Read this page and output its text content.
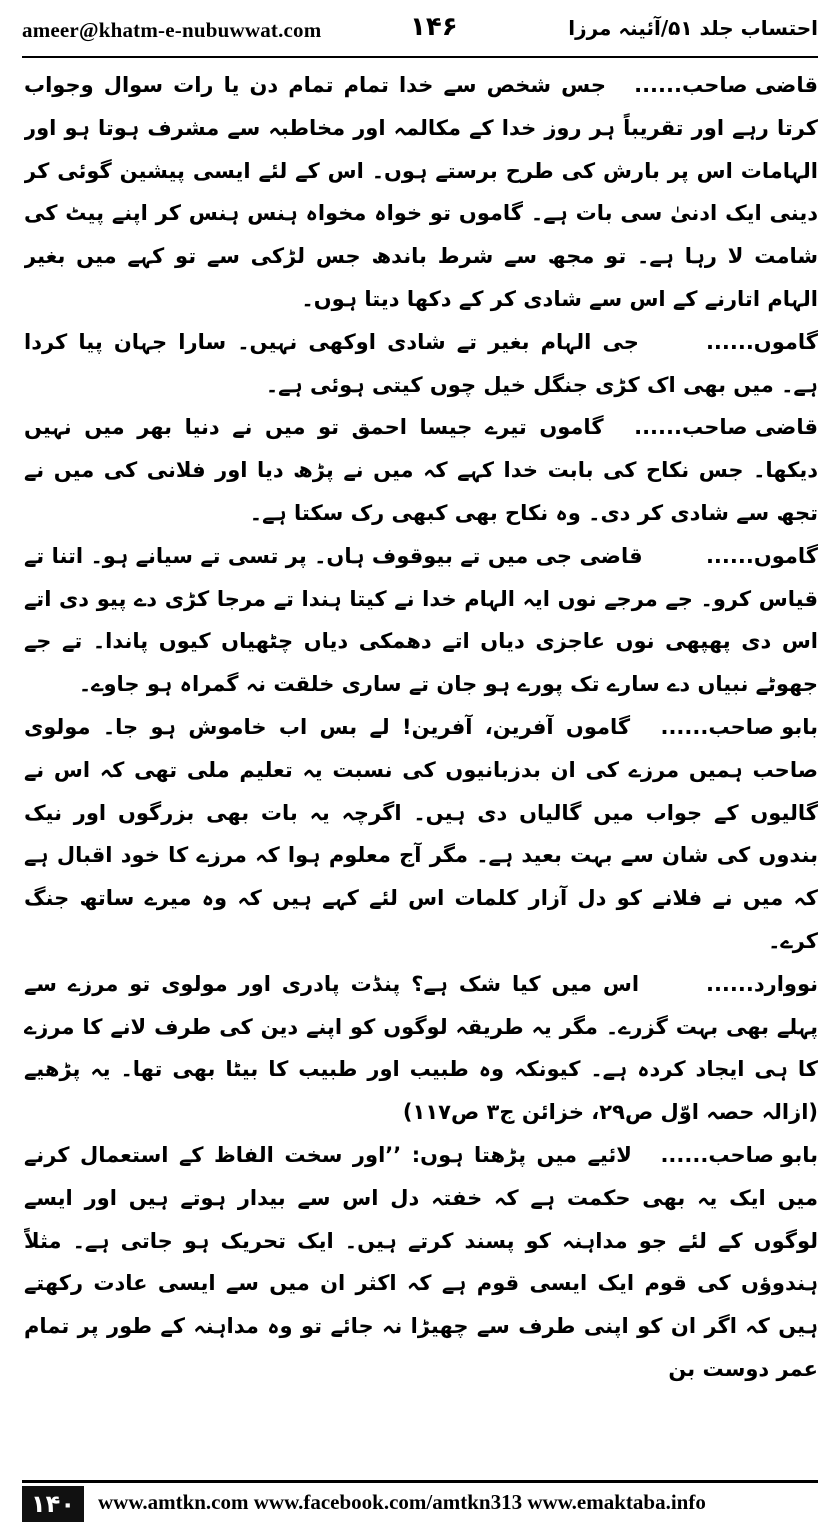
ameer@khatm-e-nubuwwat.com	۱۴۶	احتساب جلد ۵۱/آئینہ مرزا

قاضی صاحب...... جس شخص سے خدا تمام تمام دن یا رات سوال وجواب کرتا رہے اور تقریباً ہر روز خدا کے مکالمہ اور مخاطبہ سے مشرف ہوتا ہو اور الہامات اس پر بارش کی طرح برستے ہوں۔ اس کے لئے ایسی پیشین گوئی کر دینی ایک ادنیٰ سی بات ہے۔ گاموں تو خواہ مخواہ ہنس ہنس کر اپنے پیٹ کی شامت لا رہا ہے۔ تو مجھ سے شرط باندھ جس لڑکی سے تو کہے میں بغیر الہام اتارنے کے اس سے شادی کر کے دکھا دیتا ہوں۔

گاموں...... جی الہام بغیر تے شادی اوکھی نہیں۔ سارا جہان پیا کردا ہے۔ میں بھی اک کڑی جنگل خیل چوں کیتی ہوئی ہے۔

قاضی صاحب...... گاموں تیرے جیسا احمق تو میں نے دنیا بھر میں نہیں دیکھا۔ جس نکاح کی بابت خدا کہے کہ میں نے پڑھ دیا اور فلانی کی میں نے تجھ سے شادی کر دی۔ وہ نکاح بھی کبھی رک سکتا ہے۔

گاموں...... قاضی جی میں تے بیوقوف ہاں۔ پر تسی تے سیانے ہو۔ اتنا تے قیاس کرو۔ جے مرجے نوں ایہ الہام خدا نے کیتا ہندا تے مرجا کڑی دے پیو دی اتے اس دی پھپھی نوں عاجزی دیاں اتے دھمکی دیاں چٹھیاں کیوں پاندا۔ تے جے جھوٹے نبیاں دے سارے تک پورے ہو جان تے ساری خلقت نہ گمراہ ہو جاوے۔

بابو صاحب...... گاموں آفرین، آفرین! لے بس اب خاموش ہو جا۔ مولوی صاحب ہمیں مرزے کی ان بدزبانیوں کی نسبت یہ تعلیم ملی تھی کہ اس نے گالیوں کے جواب میں گالیاں دی ہیں۔ اگرچہ یہ بات بھی بزرگوں اور نیک بندوں کی شان سے بہت بعید ہے۔ مگر آج معلوم ہوا کہ مرزے کا خود اقبال ہے کہ میں نے فلانے کو دل آزار کلمات اس لئے کہے ہیں کہ وہ میرے ساتھ جنگ کرے۔

نووارد...... اس میں کیا شک ہے؟ پنڈت پادری اور مولوی تو مرزے سے پہلے بھی بہت گزرے۔ مگر یہ طریقہ لوگوں کو اپنے دین کی طرف لانے کا مرزے کا ہی ایجاد کردہ ہے۔ کیونکہ وہ طبیب اور طبیب کا بیٹا بھی تھا۔ یہ پڑھیے (ازالہ حصہ اوّل ص۲۹، خزائن ج۳ ص۱۱۷)

بابو صاحب...... لائیے میں پڑھتا ہوں: ’’اور سخت الفاظ کے استعمال کرنے میں ایک یہ بھی حکمت ہے کہ خفتہ دل اس سے بیدار ہوتے ہیں اور ایسے لوگوں کے لئے جو مداہنہ کو پسند کرتے ہیں۔ ایک تحریک ہو جاتی ہے۔ مثلاً ہندوؤں کی قوم ایک ایسی قوم ہے کہ اکثر ان میں سے ایسی عادت رکھتے ہیں کہ اگر ان کو اپنی طرف سے چھیڑا نہ جائے تو وہ مداہنہ کے طور پر تمام عمر دوست بن

۱۴۰	www.amtkn.com www.facebook.com/amtkn313 www.emaktaba.info
